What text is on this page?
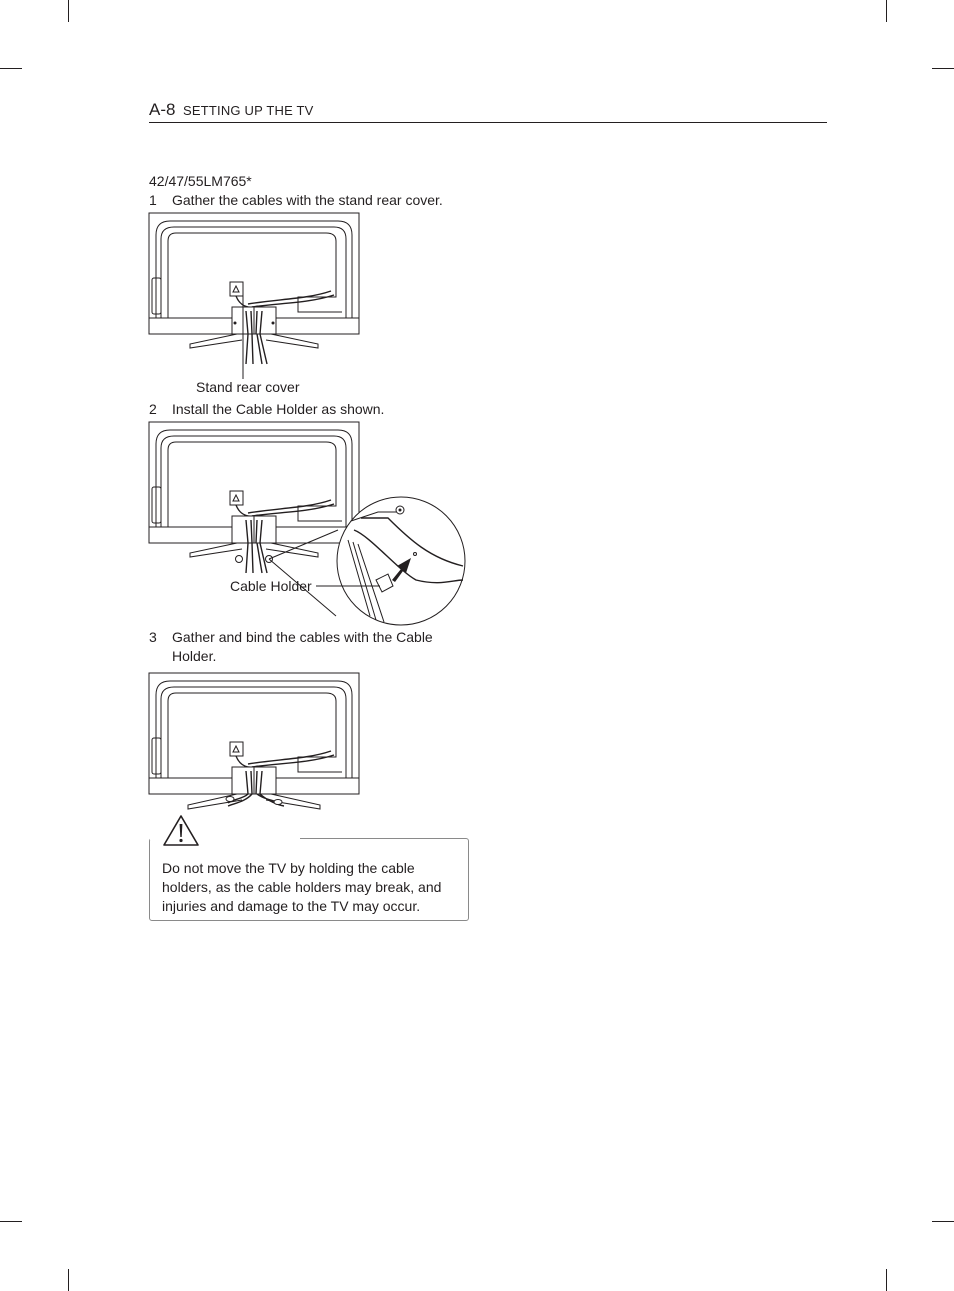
A-8 SETTING UP THE TV
42/47/55LM765*
1 Gather the cables with the stand rear cover.
Stand rear cover
2 Install the Cable Holder as shown.
Cable Holder
3 Gather and bind the cables with the Cable Holder.
Do not move the TV by holding the cable holders, as the cable holders may break, and injuries and damage to the TV may occur.
